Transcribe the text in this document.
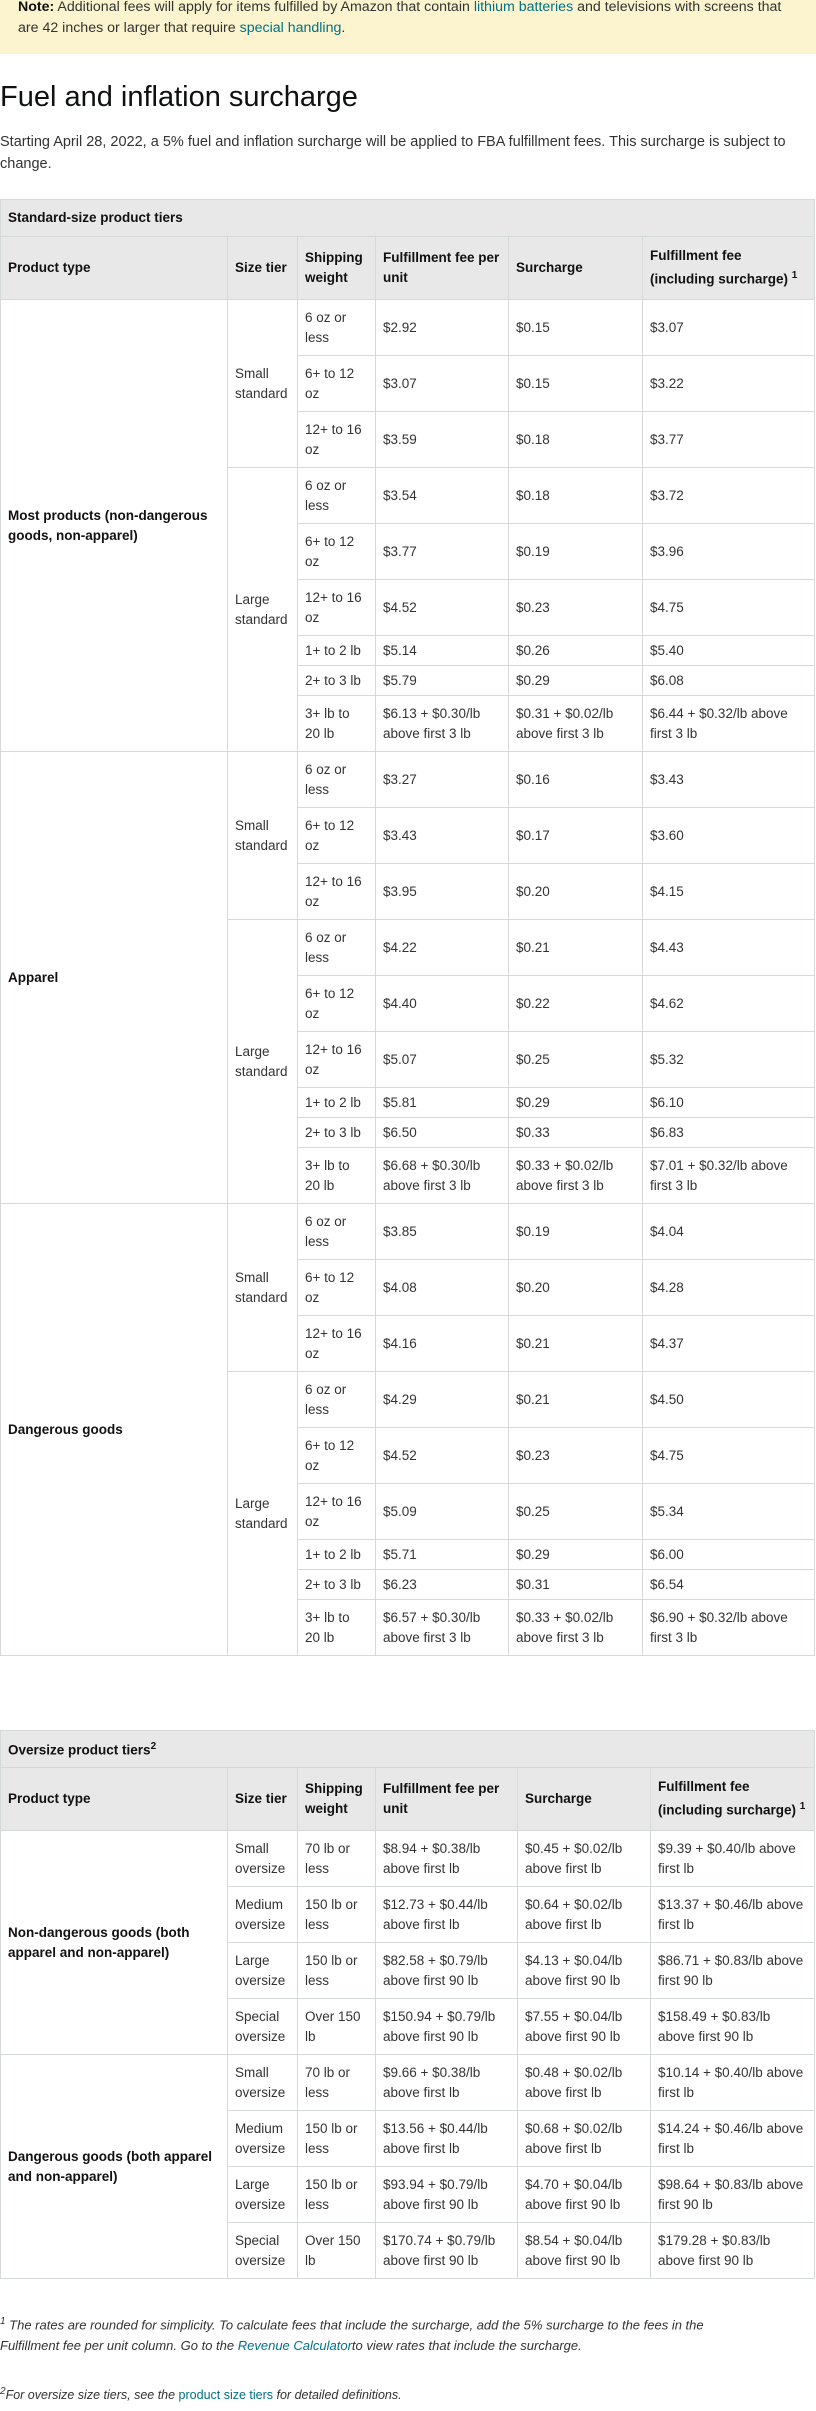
Note: Additional fees will apply for items fulfilled by Amazon that contain lithium batteries and televisions with screens that are 42 inches or larger that require special handling.
Fuel and inflation surcharge

Starting April 28, 2022, a 5% fuel and inflation surcharge will be applied to FBA fulfillment fees. This surcharge is subject to change.

Standard-size product tiers					
Product type	Size tier	Shipping weight	Fulfillment fee per unit	Surcharge	Fulfillment fee (including surcharge) $^1$
Most products (non-dangerous goods, non-apparel)	Small standard	6 oz or less	$2.92	$0.15	$3.07
		6+ to 12 oz	$3.07	$0.15	$3.22
		12+ to 16 oz	$3.59	$0.18	$3.77
	Large standard	6 oz or less	$3.54	$0.18	$3.72
		6+ to 12 oz	$3.77	$0.19	$3.96
		12+ to 16 oz	$4.52	$0.23	$4.75
		1+ to 2 lb	$5.14	$0.26	$5.40
		2+ to 3 lb	$5.79	$0.29	$6.08
		3+ lb to 20 lb	$6.13 + $0.30/lb above first 3 lb	$0.31 + $0.02/lb above first 3 lb	$6.44 + $0.32/lb above first 3 lb
Apparel	Small standard	6 oz or less	$3.27	$0.16	$3.43
		6+ to 12 oz	$3.43	$0.17	$3.60
		12+ to 16 oz	$3.95	$0.20	$4.15
	Large standard	6 oz or less	$4.22	$0.21	$4.43
		6+ to 12 oz	$4.40	$0.22	$4.62
		12+ to 16 oz	$5.07	$0.25	$5.32
		1+ to 2 lb	$5.81	$0.29	$6.10
		2+ to 3 lb	$6.50	$0.33	$6.83
		3+ lb to 20 lb	$6.68 + $0.30/lb above first 3 lb	$0.33 + $0.02/lb above first 3 lb	$7.01 + $0.32/lb above first 3 lb
Dangerous goods	Small standard	6 oz or less	$3.85	$0.19	$4.04
		6+ to 12 oz	$4.08	$0.20	$4.28
		12+ to 16 oz	$4.16	$0.21	$4.37
	Large standard	6 oz or less	$4.29	$0.21	$4.50
		6+ to 12 oz	$4.52	$0.23	$4.75
		12+ to 16 oz	$5.09	$0.25	$5.34
		1+ to 2 lb	$5.71	$0.29	$6.00
		2+ to 3 lb	$6.23	$0.31	$6.54
		3+ lb to 20 lb	$6.57 + $0.30/lb above first 3 lb	$0.33 + $0.02/lb above first 3 lb	$6.90 + $0.32/lb above first 3 lb
Oversize product tiers$^2$
Product type	Size tier	Shipping weight	Fulfillment fee per unit	Surcharge	Fulfillment fee (including surcharge) $^1$
Non-dangerous goods (both apparel and non-apparel)	Small oversize	70 lb or less	$8.94 + $0.38/lb above first lb	$0.45 + $0.02/lb above first lb	$9.39 + $0.40/lb above first lb
	Medium oversize	150 lb or less	$12.73 + $0.44/lb above first lb	$0.64 + $0.02/lb above first lb	$13.37 + $0.46/lb above first lb
	Large oversize	150 lb or less	$82.58 + $0.79/lb above first 90 lb	$4.13 + $0.04/lb above first 90 lb	$86.71 + $0.83/lb above first 90 lb
	Special oversize	Over 150 lb	$150.94 + $0.79/lb above first 90 lb	$7.55 + $0.04/lb above first 90 lb	$158.49 + $0.83/lb above first 90 lb
Dangerous goods (both apparel and non-apparel)	Small oversize	70 lb or less	$9.66 + $0.38/lb above first lb	$0.48 + $0.02/lb above first lb	$10.14 + $0.40/lb above first lb
	Medium oversize	150 lb or less	$13.56 + $0.44/lb above first lb	$0.68 + $0.02/lb above first lb	$14.24 + $0.46/lb above first lb
	Large oversize	150 lb or less	$93.94 + $0.79/lb above first 90 lb	$4.70 + $0.04/lb above first 90 lb	$98.64 + $0.83/lb above first 90 lb
	Special oversize	Over 150 lb	$170.74 + $0.79/lb above first 90 lb	$8.54 + $0.04/lb above first 90 lb	$179.28 + $0.83/lb above first 90 lb
$^1$ The rates are rounded for simplicity. To calculate fees that include the surcharge, add the 5% surcharge to the fees in the Fulfillment fee per unit column. Go to the Revenue Calculatorto view rates that include the surcharge.
$^2$For oversize size tiers, see the product size tiers for detailed definitions.
